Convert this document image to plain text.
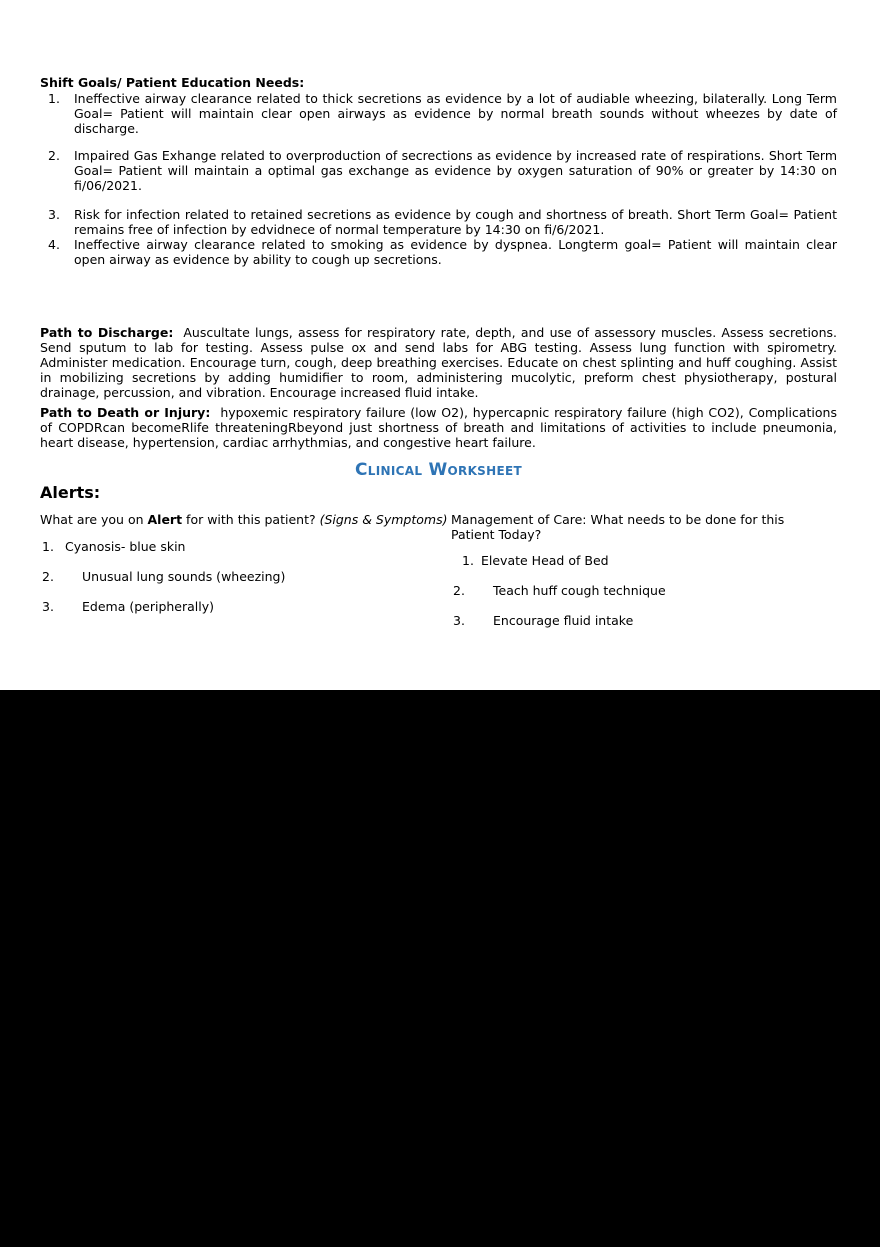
Shift Goals/ Patient Education Needs:
1.	Ineffective airway clearance related to thick secretions as evidence by a lot of audiable wheezing, bilaterally. Long Term Goal= Patient will maintain clear open airways as evidence by normal breath sounds without wheezes by date of discharge.
2.	Impaired Gas Exhange related to overproduction of secrections as evidence by increased rate of respirations. Short Term Goal= Patient will maintain a optimal gas exchange as evidence by oxygen saturation of 90% or greater by 14:30 on fi/06/2021.
3.	Risk for infection related to retained secretions as evidence by cough and shortness of breath. Short Term Goal= Patient remains free of infection by edvidnece of normal temperature by 14:30 on fi/6/2021.
4.	Ineffective airway clearance related to smoking as evidence by dyspnea. Longterm goal= Patient will maintain clear open airway as evidence by ability to cough up secretions.

Path to Discharge: Auscultate lungs, assess for respiratory rate, depth, and use of assessory muscles. Assess secretions. Send sputum to lab for testing. Assess pulse ox and send labs for ABG testing. Assess lung function with spirometry. Administer medication. Encourage turn, cough, deep breathing exercises. Educate on chest splinting and huff coughing. Assist in mobilizing secretions by adding humidifier to room, administering mucolytic, preform chest physiotherapy, postural drainage, percussion, and vibration. Encourage increased fluid intake.

Path to Death or Injury: hypoxemic respiratory failure (low O2), hypercapnic respiratory failure (high CO2), Complications of COPDRcan becomeRlife threateningRbeyond just shortness of breath and limitations of activities to include pneumonia, heart disease, hypertension, cardiac arrhythmias, and congestive heart failure.

Clinical Worksheet
Alerts:
What are you on Alert for with this patient? (Signs & Symptoms)
1. Cyanosis- blue skin
2.	Unusual lung sounds (wheezing)
3.	Edema (peripherally)
Management of Care: What needs to be done for this Patient Today?
1. Elevate Head of Bed
2.	Teach huff cough technique
3.	Encourage fluid intake
